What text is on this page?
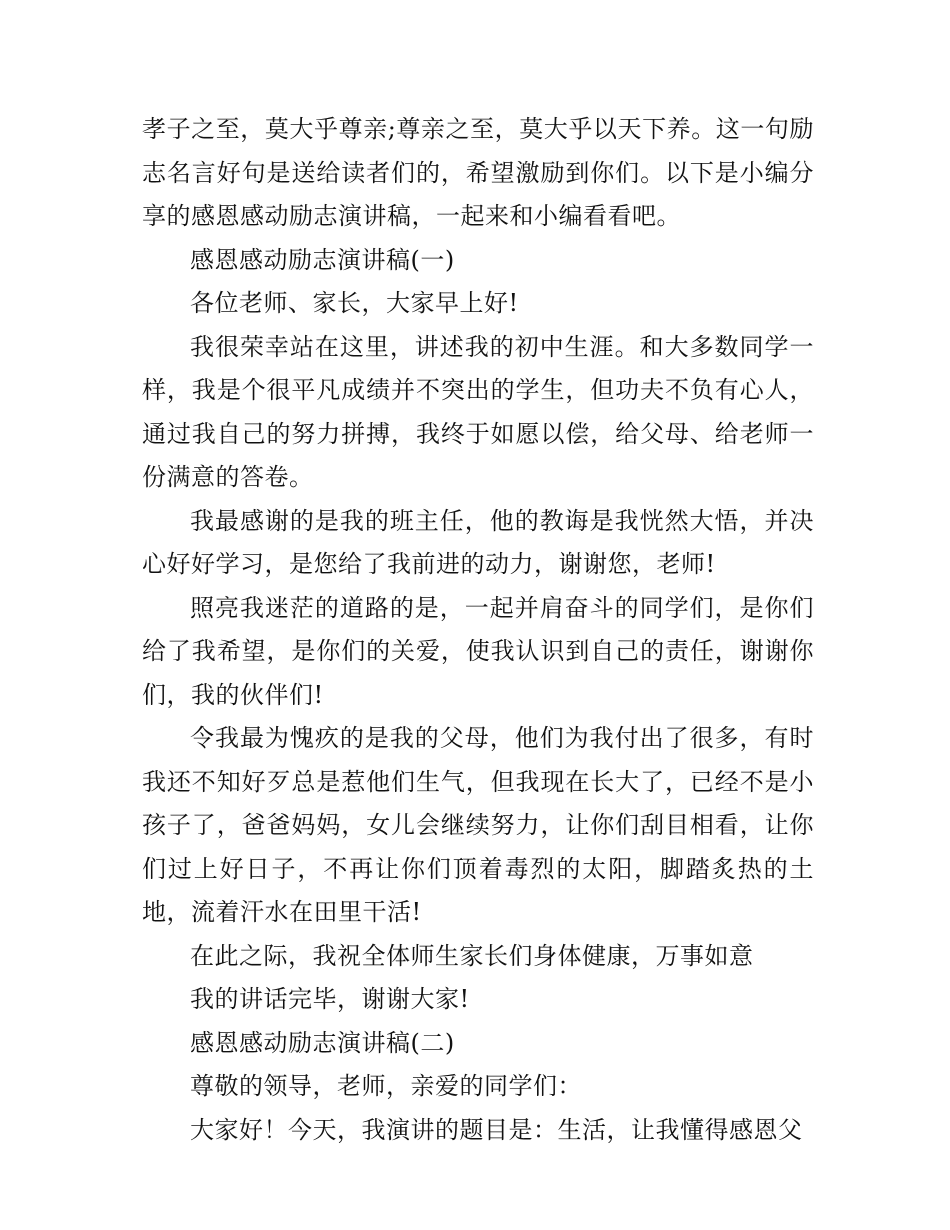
孝子之至，莫大乎尊亲;尊亲之至，莫大乎以天下养。这一句励志名言好句是送给读者们的，希望激励到你们。以下是小编分享的感恩感动励志演讲稿，一起来和小编看看吧。

感恩感动励志演讲稿(一)

各位老师、家长，大家早上好!

我很荣幸站在这里，讲述我的初中生涯。和大多数同学一样，我是个很平凡成绩并不突出的学生，但功夫不负有心人，通过我自己的努力拼搏，我终于如愿以偿，给父母、给老师一份满意的答卷。

我最感谢的是我的班主任，他的教诲是我恍然大悟，并决心好好学习，是您给了我前进的动力，谢谢您，老师!

照亮我迷茫的道路的是，一起并肩奋斗的同学们，是你们给了我希望，是你们的关爱，使我认识到自己的责任，谢谢你们，我的伙伴们!

令我最为愧疚的是我的父母，他们为我付出了很多，有时我还不知好歹总是惹他们生气，但我现在长大了，已经不是小孩子了，爸爸妈妈，女儿会继续努力，让你们刮目相看，让你们过上好日子，不再让你们顶着毒烈的太阳，脚踏炙热的土地，流着汗水在田里干活!

在此之际，我祝全体师生家长们身体健康，万事如意

我的讲话完毕，谢谢大家!

感恩感动励志演讲稿(二)

尊敬的领导，老师，亲爱的同学们：

大家好！今天，我演讲的题目是：生活，让我懂得感恩父
